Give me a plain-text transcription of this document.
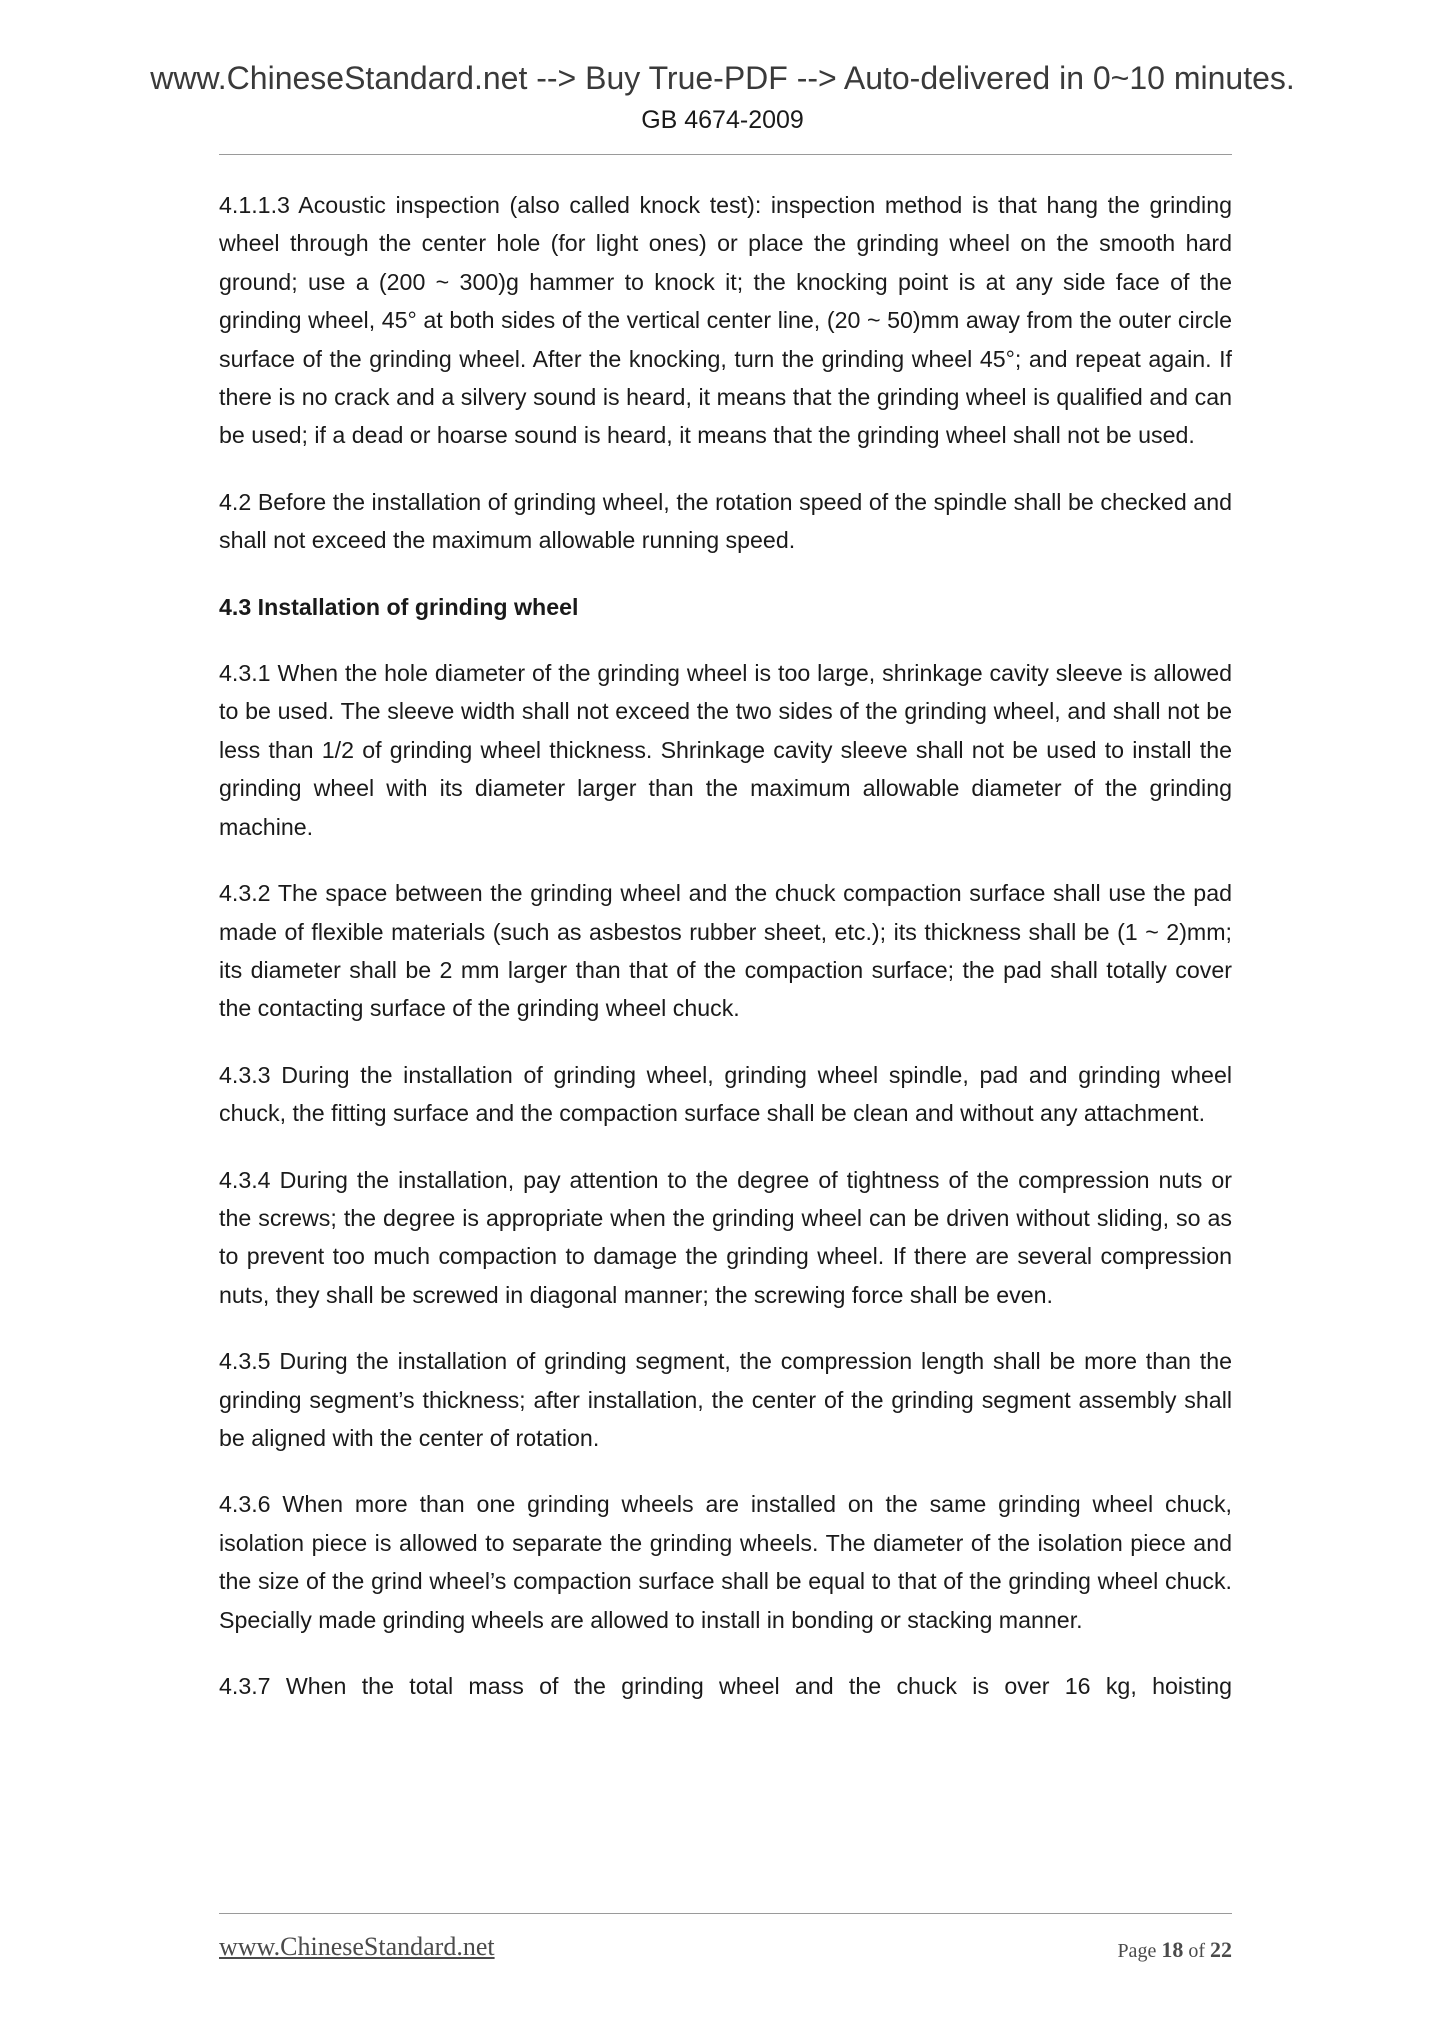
www.ChineseStandard.net --> Buy True-PDF --> Auto-delivered in 0~10 minutes.
GB 4674-2009

4.1.1.3 Acoustic inspection (also called knock test): inspection method is that hang the grinding wheel through the center hole (for light ones) or place the grinding wheel on the smooth hard ground; use a (200 ~ 300)g hammer to knock it; the knocking point is at any side face of the grinding wheel, 45° at both sides of the vertical center line, (20 ~ 50)mm away from the outer circle surface of the grinding wheel. After the knocking, turn the grinding wheel 45°; and repeat again. If there is no crack and a silvery sound is heard, it means that the grinding wheel is qualified and can be used; if a dead or hoarse sound is heard, it means that the grinding wheel shall not be used.

4.2 Before the installation of grinding wheel, the rotation speed of the spindle shall be checked and shall not exceed the maximum allowable running speed.

4.3 Installation of grinding wheel

4.3.1 When the hole diameter of the grinding wheel is too large, shrinkage cavity sleeve is allowed to be used. The sleeve width shall not exceed the two sides of the grinding wheel, and shall not be less than 1/2 of grinding wheel thickness. Shrinkage cavity sleeve shall not be used to install the grinding wheel with its diameter larger than the maximum allowable diameter of the grinding machine.

4.3.2 The space between the grinding wheel and the chuck compaction surface shall use the pad made of flexible materials (such as asbestos rubber sheet, etc.); its thickness shall be (1 ~ 2)mm; its diameter shall be 2 mm larger than that of the compaction surface; the pad shall totally cover the contacting surface of the grinding wheel chuck.

4.3.3 During the installation of grinding wheel, grinding wheel spindle, pad and grinding wheel chuck, the fitting surface and the compaction surface shall be clean and without any attachment.

4.3.4 During the installation, pay attention to the degree of tightness of the compression nuts or the screws; the degree is appropriate when the grinding wheel can be driven without sliding, so as to prevent too much compaction to damage the grinding wheel. If there are several compression nuts, they shall be screwed in diagonal manner; the screwing force shall be even.

4.3.5 During the installation of grinding segment, the compression length shall be more than the grinding segment’s thickness; after installation, the center of the grinding segment assembly shall be aligned with the center of rotation.

4.3.6 When more than one grinding wheels are installed on the same grinding wheel chuck, isolation piece is allowed to separate the grinding wheels. The diameter of the isolation piece and the size of the grind wheel’s compaction surface shall be equal to that of the grinding wheel chuck. Specially made grinding wheels are allowed to install in bonding or stacking manner.

4.3.7 When the total mass of the grinding wheel and the chuck is over 16 kg, hoisting

www.ChineseStandard.net	Page 18 of 22
